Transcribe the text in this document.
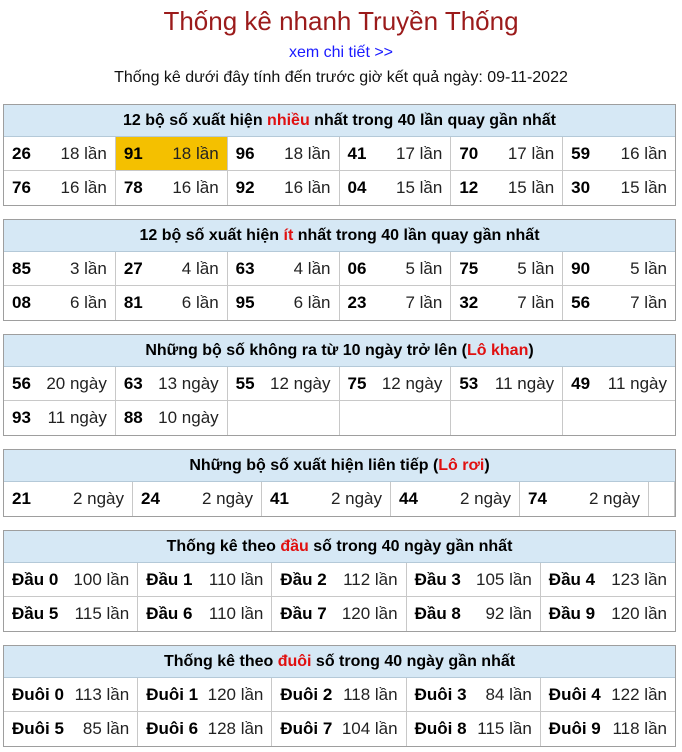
Thống kê nhanh Truyền Thống
xem chi tiết >>
Thống kê dưới đây tính đến trước giờ kết quả ngày: 09-11-2022
12 bộ số xuất hiện nhiều nhất trong 40 lần quay gần nhất
26 18 lần 91 18 lần 96 18 lần 41 17 lần 70 17 lần 59 16 lần
76 16 lần 78 16 lần 92 16 lần 04 15 lần 12 15 lần 30 15 lần
12 bộ số xuất hiện ít nhất trong 40 lần quay gần nhất
85 3 lần 27 4 lần 63 4 lần 06 5 lần 75 5 lần 90 5 lần
08 6 lần 81 6 lần 95 6 lần 23 7 lần 32 7 lần 56 7 lần
Những bộ số không ra từ 10 ngày trở lên (Lô khan)
56 20 ngày 63 13 ngày 55 12 ngày 75 12 ngày 53 11 ngày 49 11 ngày
93 11 ngày 88 10 ngày
Những bộ số xuất hiện liên tiếp (Lô rơi)
21 2 ngày 24 2 ngày 41 2 ngày 44 2 ngày 74 2 ngày
Thống kê theo đầu số trong 40 ngày gần nhất
Đầu 0 100 lần Đầu 1 110 lần Đầu 2 112 lần Đầu 3 105 lần Đầu 4 123 lần
Đầu 5 115 lần Đầu 6 110 lần Đầu 7 120 lần Đầu 8 92 lần Đầu 9 120 lần
Thống kê theo đuôi số trong 40 ngày gần nhất
Đuôi 0 113 lần Đuôi 1 120 lần Đuôi 2 118 lần Đuôi 3 84 lần Đuôi 4 122 lần
Đuôi 5 85 lần Đuôi 6 128 lần Đuôi 7 104 lần Đuôi 8 115 lần Đuôi 9 118 lần
